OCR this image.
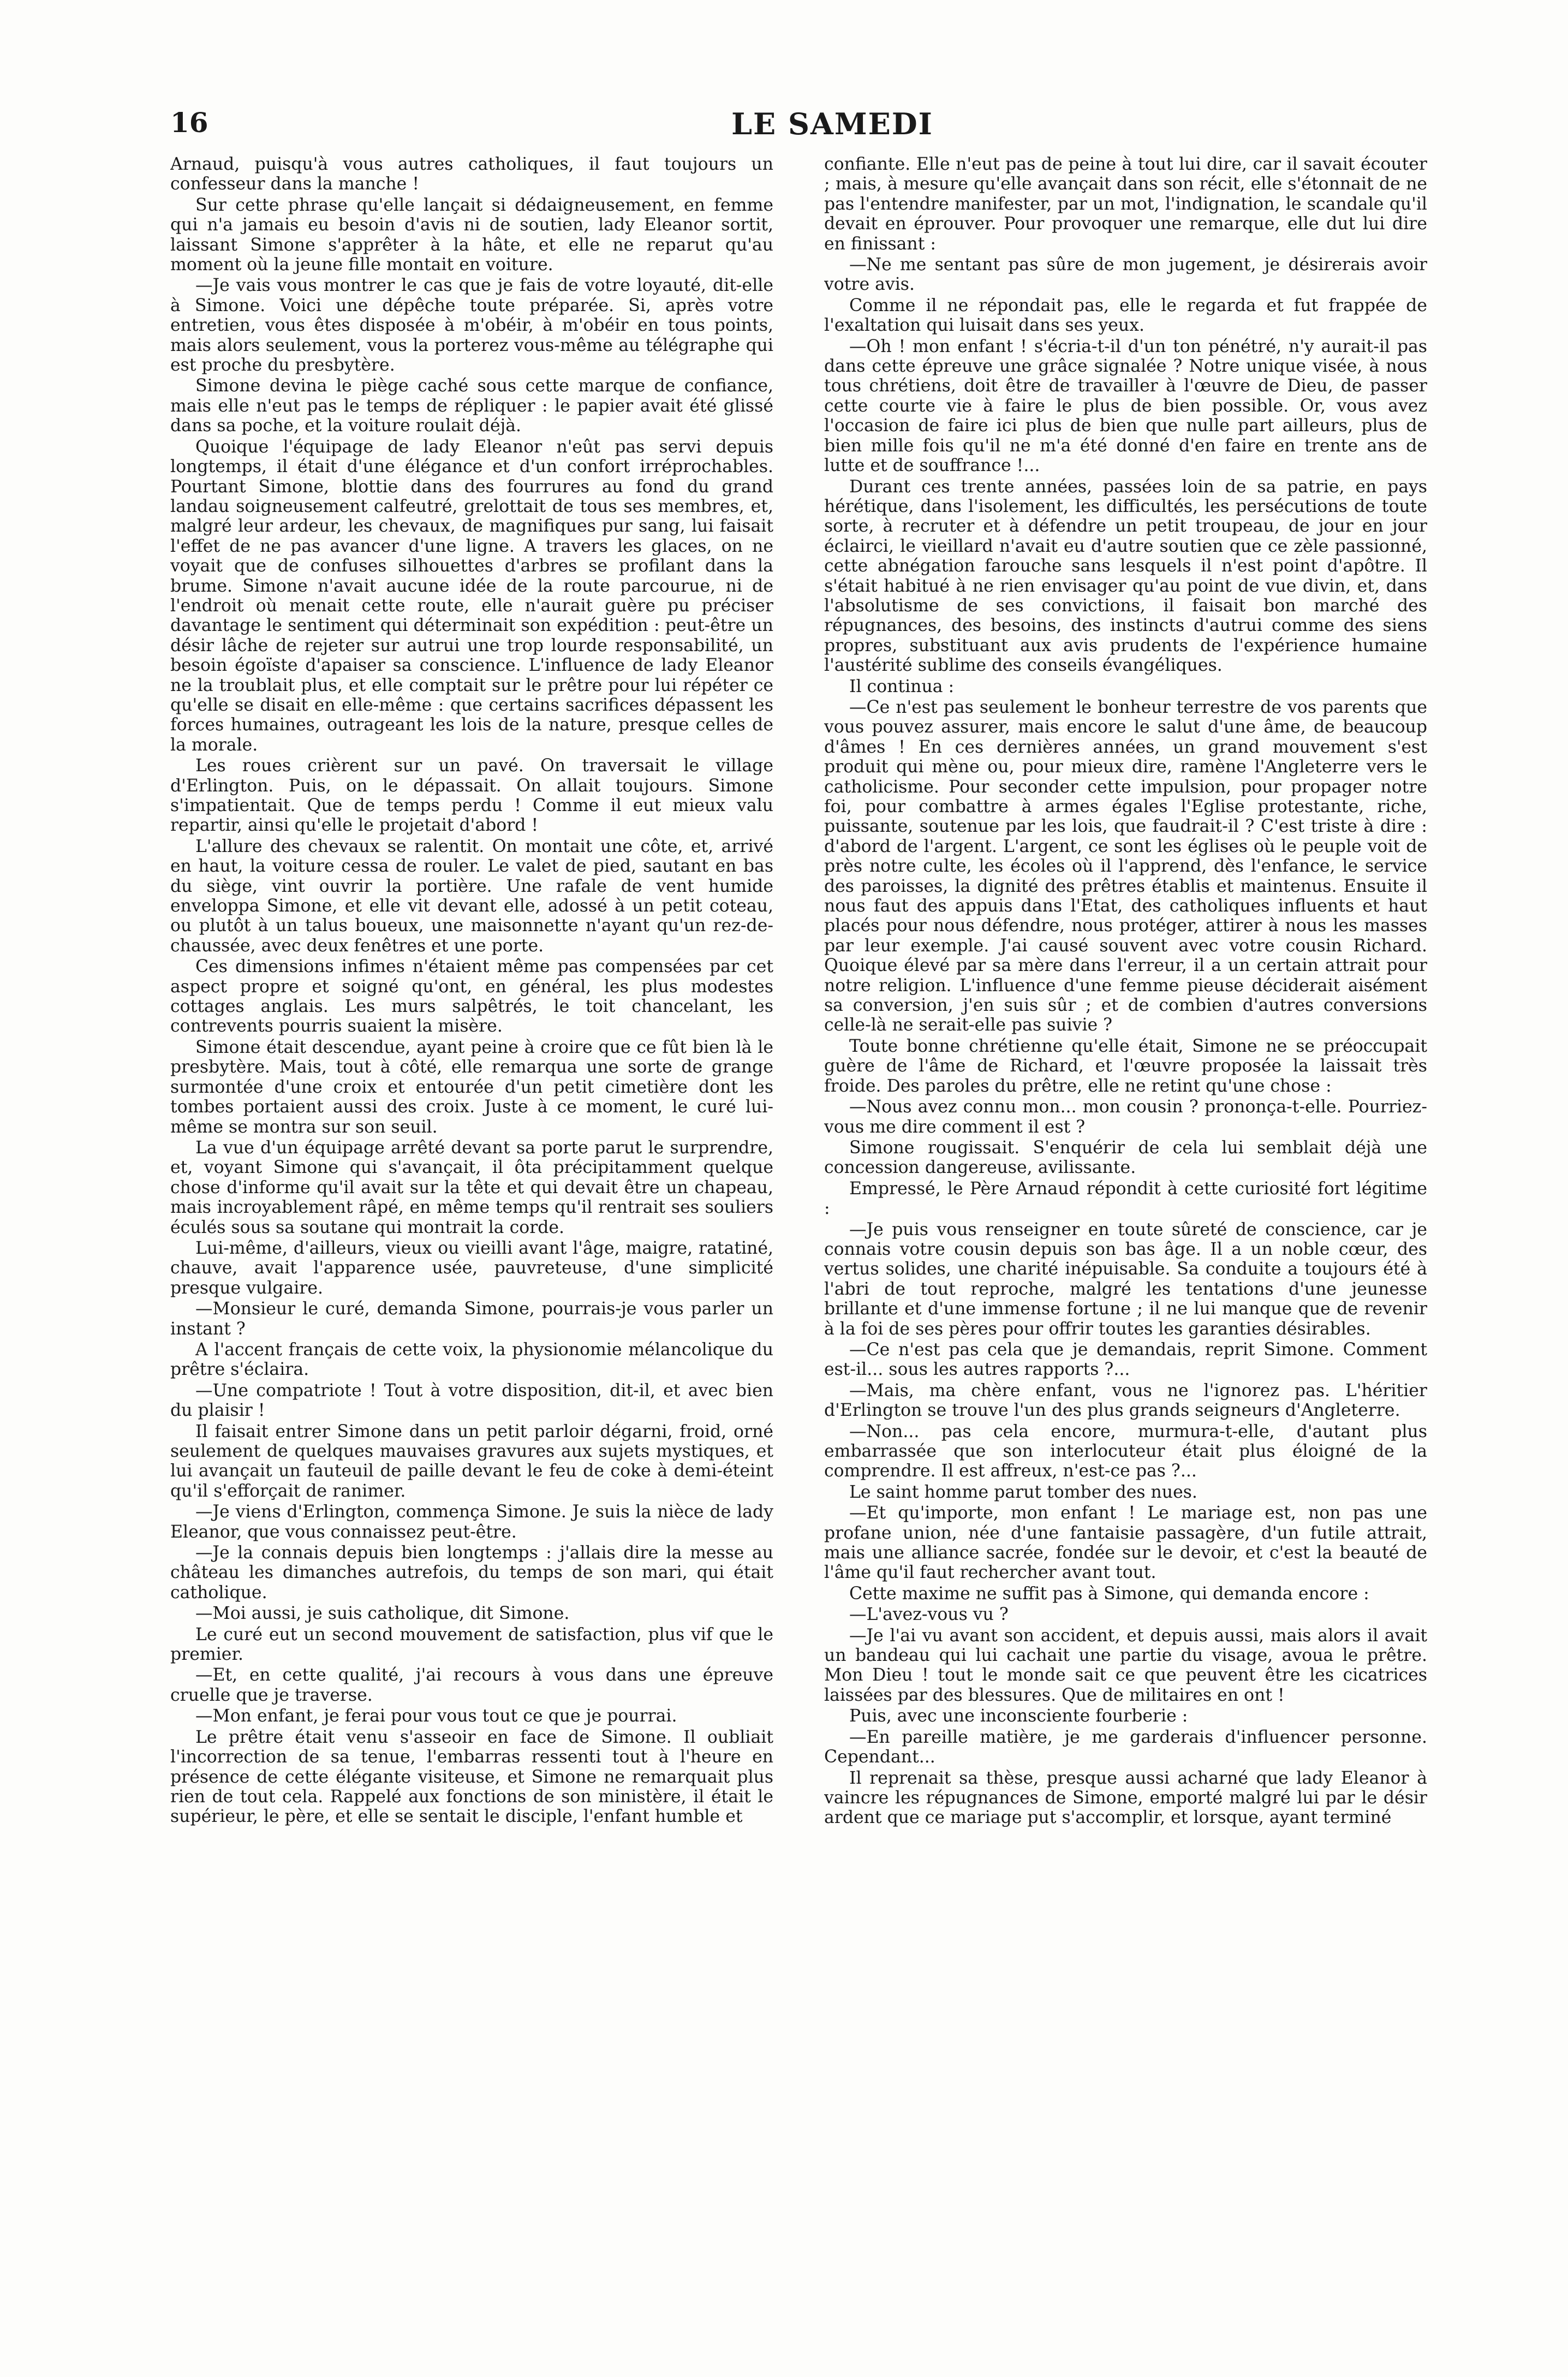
16	LE SAMEDI

Arnaud, puisqu'à vous autres catholiques, il faut toujours un confesseur dans la manche !

Sur cette phrase qu'elle lançait si dédaigneusement, en femme qui n'a jamais eu besoin d'avis ni de soutien, lady Eleanor sortit, laissant Simone s'apprêter à la hâte, et elle ne reparut qu'au moment où la jeune fille montait en voiture.

—Je vais vous montrer le cas que je fais de votre loyauté, dit-elle à Simone. Voici une dépêche toute préparée. Si, après votre entretien, vous êtes disposée à m'obéir, à m'obéir en tous points, mais alors seulement, vous la porterez vous-même au télégraphe qui est proche du presbytère.

Simone devina le piège caché sous cette marque de confiance, mais elle n'eut pas le temps de répliquer : le papier avait été glissé dans sa poche, et la voiture roulait déjà.

Quoique l'équipage de lady Eleanor n'eût pas servi depuis longtemps, il était d'une élégance et d'un confort irréprochables. Pourtant Simone, blottie dans des fourrures au fond du grand landau soigneusement calfeutré, grelottait de tous ses membres, et, malgré leur ardeur, les chevaux, de magnifiques pur sang, lui faisait l'effet de ne pas avancer d'une ligne. A travers les glaces, on ne voyait que de confuses silhouettes d'arbres se profilant dans la brume. Simone n'avait aucune idée de la route parcourue, ni de l'endroit où menait cette route, elle n'aurait guère pu préciser davantage le sentiment qui déterminait son expédition : peut-être un désir lâche de rejeter sur autrui une trop lourde responsabilité, un besoin égoïste d'apaiser sa conscience. L'influence de lady Eleanor ne la troublait plus, et elle comptait sur le prêtre pour lui répéter ce qu'elle se disait en elle-même : que certains sacrifices dépassent les forces humaines, outrageant les lois de la nature, presque celles de la morale.

Les roues crièrent sur un pavé. On traversait le village d'Erlington. Puis, on le dépassait. On allait toujours. Simone s'impatientait. Que de temps perdu ! Comme il eut mieux valu repartir, ainsi qu'elle le projetait d'abord !

L'allure des chevaux se ralentit. On montait une côte, et, arrivé en haut, la voiture cessa de rouler. Le valet de pied, sautant en bas du siège, vint ouvrir la portière. Une rafale de vent humide enveloppa Simone, et elle vit devant elle, adossé à un petit coteau, ou plutôt à un talus boueux, une maisonnette n'ayant qu'un rez-de-chaussée, avec deux fenêtres et une porte.

Ces dimensions infimes n'étaient même pas compensées par cet aspect propre et soigné qu'ont, en général, les plus modestes cottages anglais. Les murs salpêtrés, le toit chancelant, les contrevents pourris suaient la misère.

Simone était descendue, ayant peine à croire que ce fût bien là le presbytère. Mais, tout à côté, elle remarqua une sorte de grange surmontée d'une croix et entourée d'un petit cimetière dont les tombes portaient aussi des croix. Juste à ce moment, le curé lui-même se montra sur son seuil.

La vue d'un équipage arrêté devant sa porte parut le surprendre, et, voyant Simone qui s'avançait, il ôta précipitamment quelque chose d'informe qu'il avait sur la tête et qui devait être un chapeau, mais incroyablement râpé, en même temps qu'il rentrait ses souliers éculés sous sa soutane qui montrait la corde.

Lui-même, d'ailleurs, vieux ou vieilli avant l'âge, maigre, ratatiné, chauve, avait l'apparence usée, pauvreteuse, d'une simplicité presque vulgaire.

—Monsieur le curé, demanda Simone, pourrais-je vous parler un instant ?

A l'accent français de cette voix, la physionomie mélancolique du prêtre s'éclaira.

—Une compatriote ! Tout à votre disposition, dit-il, et avec bien du plaisir !

Il faisait entrer Simone dans un petit parloir dégarni, froid, orné seulement de quelques mauvaises gravures aux sujets mystiques, et lui avançait un fauteuil de paille devant le feu de coke à demi-éteint qu'il s'efforçait de ranimer.

—Je viens d'Erlington, commença Simone. Je suis la nièce de lady Eleanor, que vous connaissez peut-être.

—Je la connais depuis bien longtemps : j'allais dire la messe au château les dimanches autrefois, du temps de son mari, qui était catholique.

—Moi aussi, je suis catholique, dit Simone.

Le curé eut un second mouvement de satisfaction, plus vif que le premier.

—Et, en cette qualité, j'ai recours à vous dans une épreuve cruelle que je traverse.

—Mon enfant, je ferai pour vous tout ce que je pourrai.

Le prêtre était venu s'asseoir en face de Simone. Il oubliait l'incorrection de sa tenue, l'embarras ressenti tout à l'heure en présence de cette élégante visiteuse, et Simone ne remarquait plus rien de tout cela. Rappelé aux fonctions de son ministère, il était le supérieur, le père, et elle se sentait le disciple, l'enfant humble et

confiante. Elle n'eut pas de peine à tout lui dire, car il savait écouter ; mais, à mesure qu'elle avançait dans son récit, elle s'étonnait de ne pas l'entendre manifester, par un mot, l'indignation, le scandale qu'il devait en éprouver. Pour provoquer une remarque, elle dut lui dire en finissant :

—Ne me sentant pas sûre de mon jugement, je désirerais avoir votre avis.

Comme il ne répondait pas, elle le regarda et fut frappée de l'exaltation qui luisait dans ses yeux.

—Oh ! mon enfant ! s'écria-t-il d'un ton pénétré, n'y aurait-il pas dans cette épreuve une grâce signalée ? Notre unique visée, à nous tous chrétiens, doit être de travailler à l'œuvre de Dieu, de passer cette courte vie à faire le plus de bien possible. Or, vous avez l'occasion de faire ici plus de bien que nulle part ailleurs, plus de bien mille fois qu'il ne m'a été donné d'en faire en trente ans de lutte et de souffrance !...

Durant ces trente années, passées loin de sa patrie, en pays hérétique, dans l'isolement, les difficultés, les persécutions de toute sorte, à recruter et à défendre un petit troupeau, de jour en jour éclairci, le vieillard n'avait eu d'autre soutien que ce zèle passionné, cette abnégation farouche sans lesquels il n'est point d'apôtre. Il s'était habitué à ne rien envisager qu'au point de vue divin, et, dans l'absolutisme de ses convictions, il faisait bon marché des répugnances, des besoins, des instincts d'autrui comme des siens propres, substituant aux avis prudents de l'expérience humaine l'austérité sublime des conseils évangéliques.

Il continua :

—Ce n'est pas seulement le bonheur terrestre de vos parents que vous pouvez assurer, mais encore le salut d'une âme, de beaucoup d'âmes ! En ces dernières années, un grand mouvement s'est produit qui mène ou, pour mieux dire, ramène l'Angleterre vers le catholicisme. Pour seconder cette impulsion, pour propager notre foi, pour combattre à armes égales l'Eglise protestante, riche, puissante, soutenue par les lois, que faudrait-il ? C'est triste à dire : d'abord de l'argent. L'argent, ce sont les églises où le peuple voit de près notre culte, les écoles où il l'apprend, dès l'enfance, le service des paroisses, la dignité des prêtres établis et maintenus. Ensuite il nous faut des appuis dans l'Etat, des catholiques influents et haut placés pour nous défendre, nous protéger, attirer à nous les masses par leur exemple. J'ai causé souvent avec votre cousin Richard. Quoique élevé par sa mère dans l'erreur, il a un certain attrait pour notre religion. L'influence d'une femme pieuse déciderait aisément sa conversion, j'en suis sûr ; et de combien d'autres conversions celle-là ne serait-elle pas suivie ?

Toute bonne chrétienne qu'elle était, Simone ne se préoccupait guère de l'âme de Richard, et l'œuvre proposée la laissait très froide. Des paroles du prêtre, elle ne retint qu'une chose :

—Nous avez connu mon... mon cousin ? prononça-t-elle. Pourriez-vous me dire comment il est ?

Simone rougissait. S'enquérir de cela lui semblait déjà une concession dangereuse, avilissante.

Empressé, le Père Arnaud répondit à cette curiosité fort légitime :

—Je puis vous renseigner en toute sûreté de conscience, car je connais votre cousin depuis son bas âge. Il a un noble cœur, des vertus solides, une charité inépuisable. Sa conduite a toujours été à l'abri de tout reproche, malgré les tentations d'une jeunesse brillante et d'une immense fortune ; il ne lui manque que de revenir à la foi de ses pères pour offrir toutes les garanties désirables.

—Ce n'est pas cela que je demandais, reprit Simone. Comment est-il... sous les autres rapports ?...

—Mais, ma chère enfant, vous ne l'ignorez pas. L'héritier d'Erlington se trouve l'un des plus grands seigneurs d'Angleterre.

—Non... pas cela encore, murmura-t-elle, d'autant plus embarrassée que son interlocuteur était plus éloigné de la comprendre. Il est affreux, n'est-ce pas ?...

Le saint homme parut tomber des nues.

—Et qu'importe, mon enfant ! Le mariage est, non pas une profane union, née d'une fantaisie passagère, d'un futile attrait, mais une alliance sacrée, fondée sur le devoir, et c'est la beauté de l'âme qu'il faut rechercher avant tout.

Cette maxime ne suffit pas à Simone, qui demanda encore :

—L'avez-vous vu ?

—Je l'ai vu avant son accident, et depuis aussi, mais alors il avait un bandeau qui lui cachait une partie du visage, avoua le prêtre. Mon Dieu ! tout le monde sait ce que peuvent être les cicatrices laissées par des blessures. Que de militaires en ont !

Puis, avec une inconsciente fourberie :

—En pareille matière, je me garderais d'influencer personne. Cependant...

Il reprenait sa thèse, presque aussi acharné que lady Eleanor à vaincre les répugnances de Simone, emporté malgré lui par le désir ardent que ce mariage put s'accomplir, et lorsque, ayant terminé
